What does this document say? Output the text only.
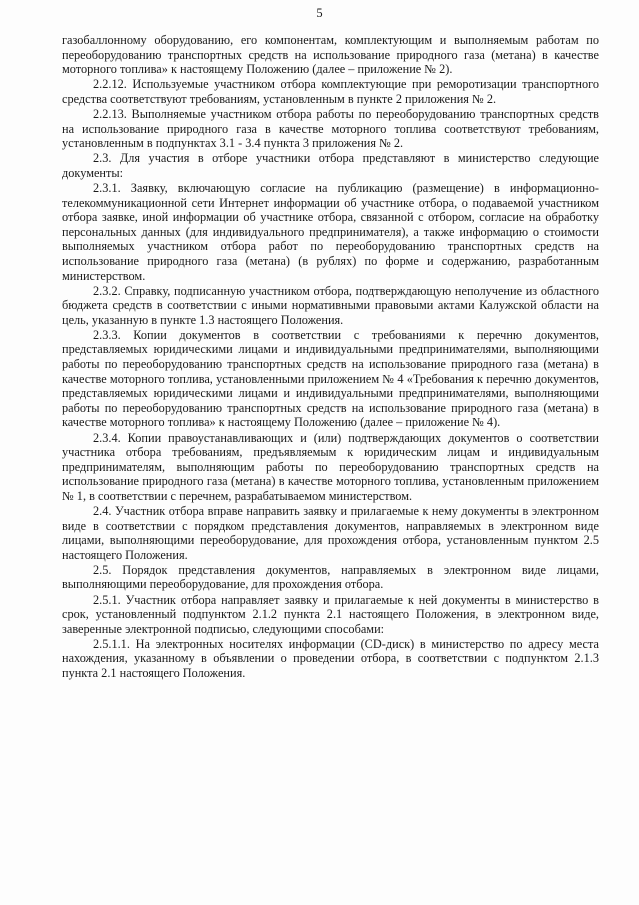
5

газобаллонному оборудованию, его компонентам, комплектующим и выполняемым работам по переоборудованию транспортных средств на использование природного газа (метана) в качестве моторного топлива» к настоящему Положению (далее – приложение № 2).

2.2.12. Используемые участником отбора комплектующие при реморотизации транспортного средства соответствуют требованиям, установленным в пункте 2 приложения № 2.

2.2.13. Выполняемые участником отбора работы по переоборудованию транспортных средств на использование природного газа в качестве моторного топлива соответствуют требованиям, установленным в подпунктах 3.1 - 3.4 пункта 3 приложения № 2.

2.3. Для участия в отборе участники отбора представляют в министерство следующие документы:

2.3.1. Заявку, включающую согласие на публикацию (размещение) в информационно-телекоммуникационной сети Интернет информации об участнике отбора, о подаваемой участником отбора заявке, иной информации об участнике отбора, связанной с отбором, согласие на обработку персональных данных (для индивидуального предпринимателя), а также информацию о стоимости выполняемых участником отбора работ по переоборудованию транспортных средств на использование природного газа (метана) (в рублях) по форме и содержанию, разработанным министерством.

2.3.2. Справку, подписанную участником отбора, подтверждающую неполучение из областного бюджета средств в соответствии с иными нормативными правовыми актами Калужской области на цель, указанную в пункте 1.3 настоящего Положения.

2.3.3. Копии документов в соответствии с требованиями к перечню документов, представляемых юридическими лицами и индивидуальными предпринимателями, выполняющими работы по переоборудованию транспортных средств на использование природного газа (метана) в качестве моторного топлива, установленными приложением № 4 «Требования к перечню документов, представляемых юридическими лицами и индивидуальными предпринимателями, выполняющими работы по переоборудованию транспортных средств на использование природного газа (метана) в качестве моторного топлива» к настоящему Положению (далее – приложение № 4).

2.3.4. Копии правоустанавливающих и (или) подтверждающих документов о соответствии участника отбора требованиям, предъявляемым к юридическим лицам и индивидуальным предпринимателям, выполняющим работы по переоборудованию транспортных средств на использование природного газа (метана) в качестве моторного топлива, установленным приложением № 1, в соответствии с перечнем, разрабатываемом министерством.

2.4. Участник отбора вправе направить заявку и прилагаемые к нему документы в электронном виде в соответствии с порядком представления документов, направляемых в электронном виде лицами, выполняющими переоборудование, для прохождения отбора, установленным пунктом 2.5 настоящего Положения.

2.5. Порядок представления документов, направляемых в электронном виде лицами, выполняющими переоборудование, для прохождения отбора.

2.5.1. Участник отбора направляет заявку и прилагаемые к ней документы в министерство в срок, установленный подпунктом 2.1.2 пункта 2.1 настоящего Положения, в электронном виде, заверенные электронной подписью, следующими способами:

2.5.1.1. На электронных носителях информации (CD-диск) в министерство по адресу места нахождения, указанному в объявлении о проведении отбора, в соответствии с подпунктом 2.1.3 пункта 2.1 настоящего Положения.
